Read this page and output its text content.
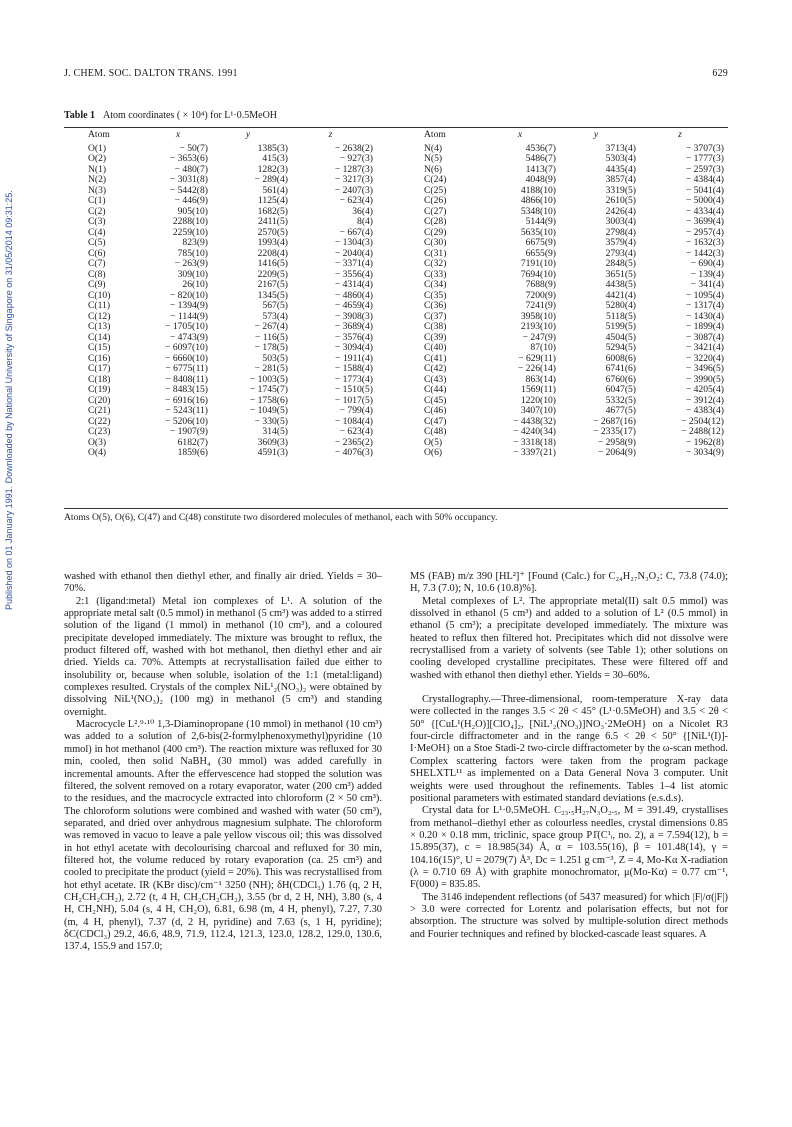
J. CHEM. SOC. DALTON TRANS. 1991	629
Published on 01 January 1991. Downloaded by National University of Singapore on 31/05/2014 09:31:25.
Table 1 Atom coordinates ( × 10⁴) for L¹·0.5MeOH
Atom	x	y	z
O(1)	− 50(7)	1385(3)	− 2638(2)
O(2)	− 3653(6)	415(3)	− 927(3)
N(1)	− 480(7)	1282(3)	− 1287(3)
N(2)	− 3031(8)	− 289(4)	− 3217(3)
N(3)	− 5442(8)	561(4)	− 2407(3)
C(1)	− 446(9)	1125(4)	− 623(4)
C(2)	905(10)	1682(5)	36(4)
C(3)	2288(10)	2411(5)	8(4)
C(4)	2259(10)	2570(5)	− 667(4)
C(5)	823(9)	1993(4)	− 1304(3)
C(6)	785(10)	2208(4)	− 2040(4)
C(7)	− 263(9)	1416(5)	− 3371(4)
C(8)	309(10)	2209(5)	− 3556(4)
C(9)	26(10)	2167(5)	− 4314(4)
C(10)	− 820(10)	1345(5)	− 4860(4)
C(11)	− 1394(9)	567(5)	− 4659(4)
C(12)	− 1144(9)	573(4)	− 3908(3)
C(13)	− 1705(10)	− 267(4)	− 3689(4)
C(14)	− 4743(9)	− 116(5)	− 3576(4)
C(15)	− 6097(10)	− 178(5)	− 3094(4)
C(16)	− 6660(10)	503(5)	− 1911(4)
C(17)	− 6775(11)	− 281(5)	− 1588(4)
C(18)	− 8408(11)	− 1003(5)	− 1773(4)
C(19)	− 8483(15)	− 1745(7)	− 1510(5)
C(20)	− 6916(16)	− 1758(6)	− 1017(5)
C(21)	− 5243(11)	− 1049(5)	− 799(4)
C(22)	− 5206(10)	− 330(5)	− 1084(4)
C(23)	− 1907(9)	314(5)	− 623(4)
O(3)	6182(7)	3609(3)	− 2365(2)
O(4)	1859(6)	4591(3)	− 4076(3)
Atom	x	y	z
N(4)	4536(7)	3713(4)	− 3707(3)
N(5)	5486(7)	5303(4)	− 1777(3)
N(6)	1413(7)	4435(4)	− 2597(3)
C(24)	4048(9)	3857(4)	− 4384(4)
C(25)	4188(10)	3319(5)	− 5041(4)
C(26)	4866(10)	2610(5)	− 5000(4)
C(27)	5348(10)	2426(4)	− 4334(4)
C(28)	5144(9)	3003(4)	− 3699(4)
C(29)	5635(10)	2798(4)	− 2957(4)
C(30)	6675(9)	3579(4)	− 1632(3)
C(31)	6655(9)	2793(4)	− 1442(3)
C(32)	7191(10)	2848(5)	− 690(4)
C(33)	7694(10)	3651(5)	− 139(4)
C(34)	7688(9)	4438(5)	− 341(4)
C(35)	7200(9)	4421(4)	− 1095(4)
C(36)	7241(9)	5280(4)	− 1317(4)
C(37)	3958(10)	5118(5)	− 1430(4)
C(38)	2193(10)	5199(5)	− 1899(4)
C(39)	− 247(9)	4504(5)	− 3087(4)
C(40)	87(10)	5294(5)	− 3421(4)
C(41)	− 629(11)	6008(6)	− 3220(4)
C(42)	− 226(14)	6741(6)	− 3496(5)
C(43)	863(14)	6760(6)	− 3990(5)
C(44)	1569(11)	6047(5)	− 4205(4)
C(45)	1220(10)	5332(5)	− 3912(4)
C(46)	3407(10)	4677(5)	− 4383(4)
C(47)	− 4438(32)	− 2687(16)	− 2504(12)
C(48)	− 4240(34)	− 2335(17)	− 2488(12)
O(5)	− 3318(18)	− 2958(9)	− 1962(8)
O(6)	− 3397(21)	− 2064(9)	− 3034(9)
Atoms O(5), O(6), C(47) and C(48) constitute two disordered molecules of methanol, each with 50% occupancy.

washed with ethanol then diethyl ether, and finally air dried. Yields = 30–70%.

2:1 (ligand:metal) Metal ion complexes of L¹. A solution of the appropriate metal salt (0.5 mmol) in methanol (5 cm³) was added to a stirred solution of the ligand (1 mmol) in methanol (10 cm³), and a coloured precipitate developed immediately. The mixture was brought to reflux, the product filtered off, washed with hot methanol, then diethyl ether and air dried. Yields ca. 70%. Attempts at recrystallisation failed due either to insolubility or, because when soluble, isolation of the 1:1 (metal:ligand) complexes resulted. Crystals of the complex NiL¹₂(NO₃)₂ were obtained by dissolving NiL¹(NO₃)₂ (100 mg) in methanol (5 cm³) and standing overnight.

Macrocycle L².⁹·¹⁰ 1,3-Diaminopropane (10 mmol) in methanol (10 cm³) was added to a solution of 2,6-bis(2-formylphenoxymethyl)pyridine (10 mmol) in hot methanol (400 cm³). The reaction mixture was refluxed for 30 min, cooled, then solid NaBH₄ (30 mmol) was added carefully in incremental amounts. After the effervescence had stopped the solution was filtered, the solvent removed on a rotary evaporator, water (200 cm³) added to the residues, and the macrocycle extracted into chloroform (2 × 50 cm³). The chloroform solutions were combined and washed with water (50 cm³), separated, and dried over anhydrous magnesium sulphate. The chloroform was removed in vacuo to leave a pale yellow viscous oil; this was dissolved in hot ethyl acetate with decolourising charcoal and refluxed for 30 min, filtered hot, the volume reduced by rotary evaporation (ca. 25 cm³) and cooled to precipitate the product (yield = 20%). This was recrystallised from hot ethyl acetate. IR (KBr disc)/cm⁻¹ 3250 (NH); δH(CDCl₃) 1.76 (q, 2 H, CH₂CH₂CH₂), 2.72 (t, 4 H, CH₂CH₂CH₂), 3.55 (br d, 2 H, NH), 3.80 (s, 4 H, CH₂NH), 5.04 (s, 4 H, CH₂O), 6.81, 6.98 (m, 4 H, phenyl), 7.27, 7.30 (m, 4 H, phenyl), 7.37 (d, 2 H, pyridine) and 7.63 (s, 1 H, pyridine); δC(CDCl₃) 29.2, 46.6, 48.9, 71.9, 112.4, 121.3, 123.0, 128.2, 129.0, 130.6, 137.4, 155.9 and 157.0;

MS (FAB) m/z 390 [HL²]⁺ [Found (Calc.) for C₂₄H₂₇N₃O₂: C, 73.8 (74.0); H, 7.3 (7.0); N, 10.6 (10.8)%].

Metal complexes of L². The appropriate metal(II) salt 0.5 mmol) was dissolved in ethanol (5 cm³) and added to a solution of L² (0.5 mmol) in ethanol (5 cm³); a precipitate developed immediately. The mixture was heated to reflux then filtered hot. Precipitates which did not dissolve were recrystallised from a variety of solvents (see Table 1); other solutions on cooling developed crystalline precipitates. These were filtered off and washed with ethanol then diethyl ether. Yields = 30–60%.

Crystallography.—Three-dimensional, room-temperature X-ray data were collected in the ranges 3.5 < 2θ < 45° (L¹·0.5MeOH) and 3.5 < 2θ < 50° {[CuL¹(H₂O)][ClO₄]₂, [NiL¹₂(NO₃)]NO₃·2MeOH} on a Nicolet R3 four-circle diffractometer and in the range 6.5 < 2θ < 50° {[NiL¹(I)]-I·MeOH} on a Stoe Stadi-2 two-circle diffractometer by the ω-scan method. Complex scattering factors were taken from the program package SHELXTL¹¹ as implemented on a Data General Nova 3 computer. Unit weights were used throughout the refinements. Tables 1–4 list atomic positional parameters with estimated standard deviations (e.s.d.s).

Crystal data for L¹·0.5MeOH. C₂₃.₅H₂₇N₃O₂.₅, M = 391.49, crystallises from methanol–diethyl ether as colourless needles, crystal dimensions 0.85 × 0.20 × 0.18 mm, triclinic, space group P1̄(C¹ᵢ, no. 2), a = 7.594(12), b = 15.895(37), c = 18.985(34) Å, α = 103.55(16), β = 101.48(14), γ = 104.16(15)°, U = 2079(7) Å³, Dc = 1.251 g cm⁻³, Z = 4, Mo-Kα X-radiation (λ = 0.710 69 Å) with graphite monochromator, μ(Mo-Kα) = 0.77 cm⁻¹, F(000) = 835.85.

The 3146 independent reflections (of 5437 measured) for which |F|/σ(|F|) > 3.0 were corrected for Lorentz and polarisation effects, but not for absorption. The structure was solved by multiple-solution direct methods and Fourier techniques and refined by blocked-cascade least squares. A
